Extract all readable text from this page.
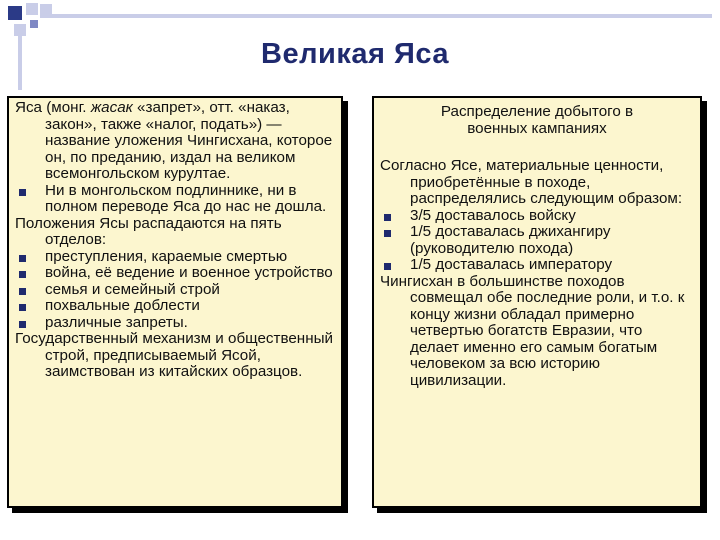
Великая Яса

Яса (монг. жасак «запрет», отт. «наказ, закон», также «налог, подать») — название уложения Чингисхана, которое он, по преданию, издал на великом всемонгольском курултае.

Ни в монгольском подлиннике, ни в полном переводе Яса до нас не дошла.

Положения Ясы распадаются на пять отделов:

преступления, караемые смертью
война, её ведение и военное устройство
семья и семейный строй
похвальные доблести
различные запреты.

Государственный механизм и общественный строй, предписываемый Ясой, заимствован из китайских образцов.

Распределение добытого в
военных кампаниях

Согласно Ясе, материальные ценности, приобретённые в походе, распределялись следующим образом:

3/5 доставалось войску
1/5 доставалась джихангиру (руководителю похода)
1/5 доставалась императору

Чингисхан в большинстве походов совмещал обе последние роли, и т.о. к концу жизни обладал примерно четвертью богатств Евразии, что делает именно его самым богатым человеком за всю историю цивилизации.
